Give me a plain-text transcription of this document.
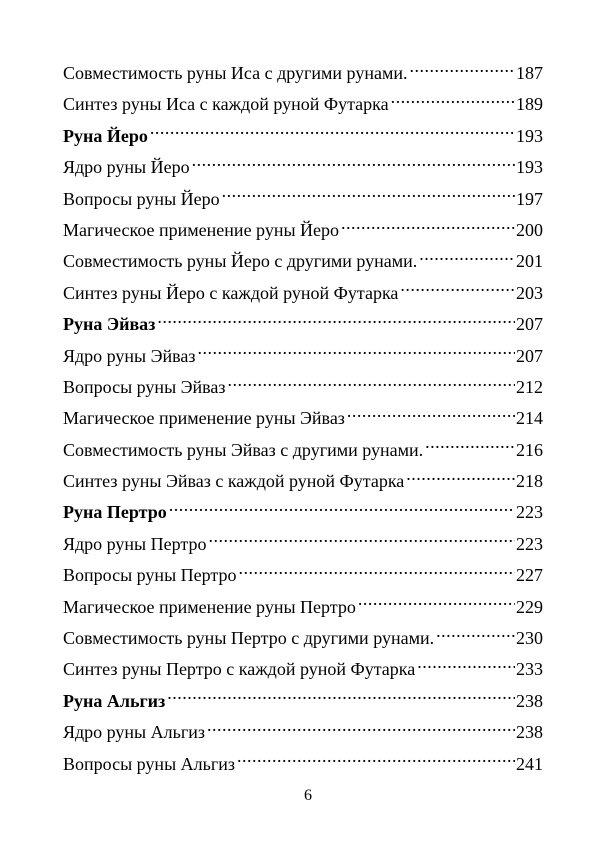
Совместимость руны Иса с другими рунами. .....	187
Синтез руны Иса с каждой руной Футарка .....	189
Руна Йеро .....	193
Ядро руны Йеро .....	193
Вопросы руны Йеро .....	197
Магическое применение руны Йеро .....	200
Совместимость руны Йеро с другими рунами. .....	201
Синтез руны Йеро с каждой руной Футарка .....	203
Руна Эйваз .....	207
Ядро руны Эйваз .....	207
Вопросы руны Эйваз .....	212
Магическое применение руны Эйваз .....	214
Совместимость руны Эйваз с другими рунами. .....	216
Синтез руны Эйваз с каждой руной Футарка .....	218
Руна Пертро .....	223
Ядро руны Пертро .....	223
Вопросы руны Пертро .....	227
Магическое применение руны Пертро .....	229
Совместимость руны Пертро с другими рунами. .....	230
Синтез руны Пертро с каждой руной Футарка .....	233
Руна Альгиз .....	238
Ядро руны Альгиз .....	238
Вопросы руны Альгиз .....	241
6
